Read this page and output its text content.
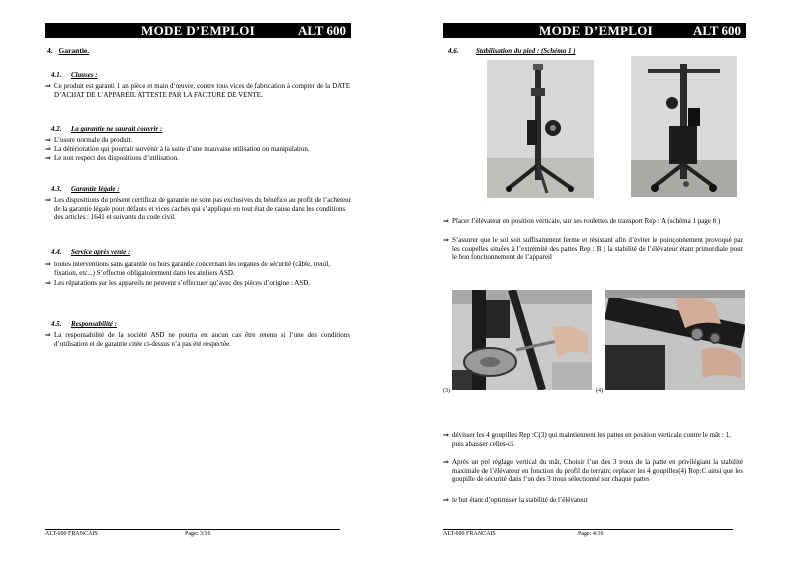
MODE D’EMPLOI	ALT 600
4. Garantie.
4.1. Clauses :
⇒ Ce produit est garanti 1 an pièce et main d’œuvre, contre tous vices de fabrication à compter de la DATE D’ACHAT DE L’APPAREIL ATTESTE PAR LA FACTURE DE VENTE.
4.2. La garantie ne saurait couvrir :
⇒ L’usure normale du produit.
⇒ La détérioration qui pourrait survenir à la suite d’une mauvaise utilisation ou manipulation.
⇒ Le non respect des dispositions d’utilisation.
4.3. Garantie légale :
⇒ Les dispositions du présent certificat de garantie ne sont pas exclusives du bénéfice au profit de l’acheteur de la garantie légale pour défauts et vices cachés qui s’applique en tout état de cause dans les conditions des articles : 1641 et suivants du code civil.
4.4. Service après vente :
⇒ toutes interventions sans garantie ou hors garantie concernant les organes de sécurité (câble, treuil, fixation, etc...) S’effectue obligatoirement dans les ateliers ASD.
⇒ Les réparations sur les appareils ne peuvent s’effectuer qu’avec des pièces d’origine : ASD.
4.5. Responsabilité :
⇒ La responsabilité de la société ASD ne pourra en aucun cas être retenu si l’une des conditions d’utilisation et de garantie citée ci-dessus n’a pas été respectée.
ALT-600 FRANCAIS	Page: 3/16
MODE D’EMPLOI	ALT 600
4.6.	Stabilisation du pied : (Schéma 1 )
⇒ Placer l’élévateur en position verticale, sur ses roulettes de transport Rep : A (schéma 1 page 8 )
⇒ S’assurer que le sol soit suffisamment ferme et résistant afin d’éviter le poinçonnement provoqué par les coupelles situées à l’extrémité des pattes Rep : B ; la stabilité de l’élévateur étant primordiale pour le bon fonctionnement de l’appareil
(3)	(4)
⇒ dévisser les 4 goupilles Rep :C(3) qui maintiennent les pattes en position verticale contre le mât : 1, puis abaisser celles-ci.
⇒ Après un pré réglage vertical du mât, Choisir l’un des 3 trous de la patte en privilégiant la stabilité maximale de l’élévateur en fonction du profil du terrain; replacer les 4 goupilles(4) Rep:C ainsi que les goupille de sécurité dans l’un des 3 trous sélectionné sur chaque pattes
⇒ le but étant d’optimiser la stabilité de l’élévateur
ALT-600 FRANCAIS	Page: 4/16
